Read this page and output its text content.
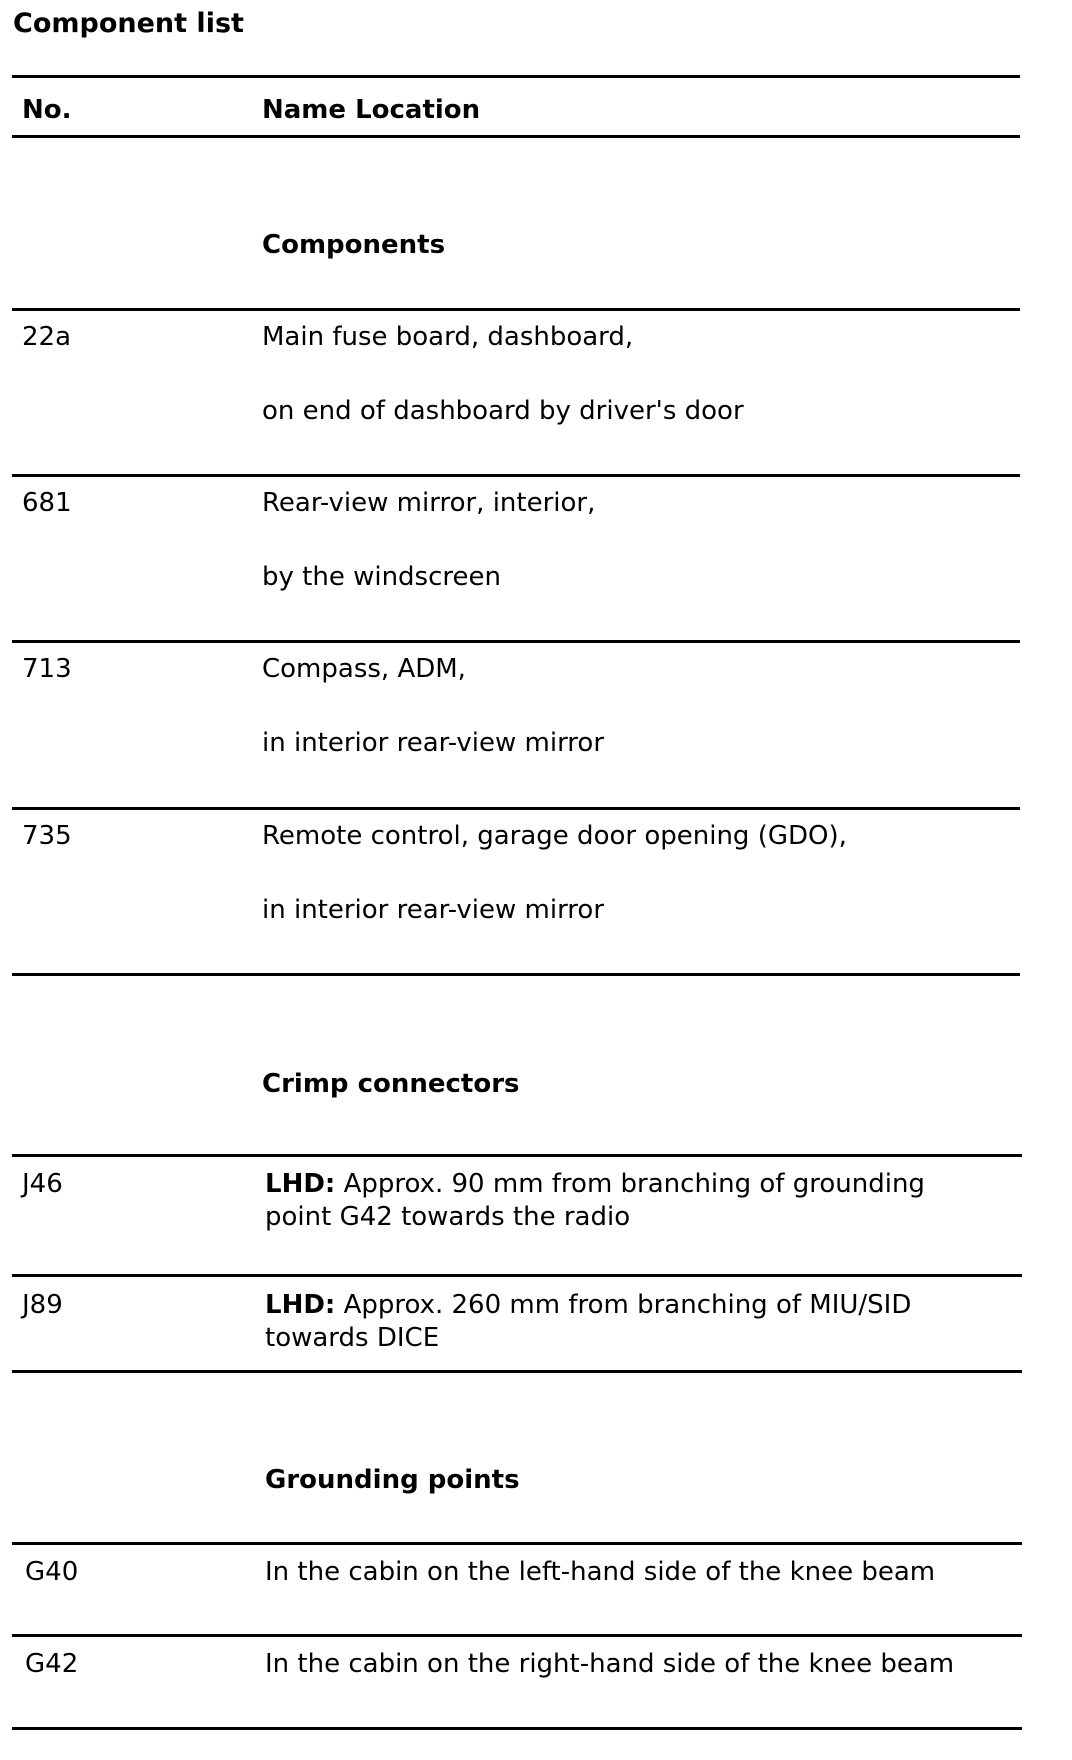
Component list
No.	Name Location
Components
22a	Main fuse board, dashboard,
on end of dashboard by driver's door
681	Rear-view mirror, interior,
by the windscreen
713	Compass, ADM,
in interior rear-view mirror
735	Remote control, garage door opening (GDO),
in interior rear-view mirror
Crimp connectors
J46	LHD: Approx. 90 mm from branching of grounding
point G42 towards the radio
J89	LHD: Approx. 260 mm from branching of MIU/SID
towards DICE
Grounding points
G40	In the cabin on the left-hand side of the knee beam
G42	In the cabin on the right-hand side of the knee beam
